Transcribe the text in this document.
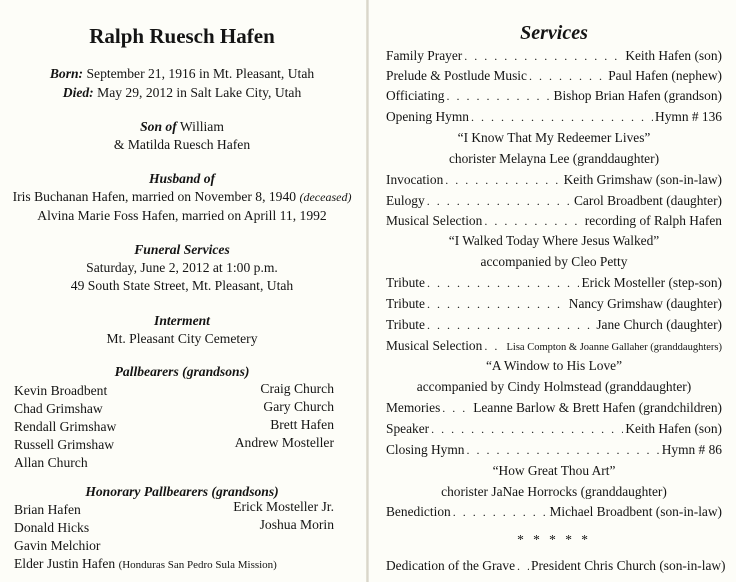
Ralph Ruesch Hafen
Born: September 21, 1916 in Mt. Pleasant, Utah
Died: May 29, 2012 in Salt Lake City, Utah
Son of William
& Matilda Ruesch Hafen
Husband of
Iris Buchanan Hafen, married on November 8, 1940 (deceased)
Alvina Marie Foss Hafen, married on Aprill 11, 1992
Funeral Services
Saturday, June 2, 2012 at 1:00 p.m.
49 South State Street, Mt. Pleasant, Utah
Interment
Mt. Pleasant City Cemetery
Pallbearers (grandsons)
Kevin Broadbent
Chad Grimshaw
Rendall Grimshaw
Russell Grimshaw
Allan Church
Craig Church
Gary Church
Brett Hafen
Andrew Mosteller
Honorary Pallbearers (grandsons)
Brian Hafen
Donald Hicks
Gavin Melchior
Erick Mosteller Jr.
Joshua Morin
Elder Justin Hafen (Honduras San Pedro Sula Mission)
Services
Family Prayer . . .	Keith Hafen (son)
Prelude & Postlude Music . . .	Paul Hafen (nephew)
Officiating . . .	Bishop Brian Hafen (grandson)
Opening Hymn . . .	Hymn # 136
“I Know That My Redeemer Lives”
chorister Melayna Lee (granddaughter)
Invocation . . .	Keith Grimshaw (son-in-law)
Eulogy . . .	Carol Broadbent (daughter)
Musical Selection . . .	recording of Ralph Hafen
“I Walked Today Where Jesus Walked”
accompanied by Cleo Petty
Tribute . . .	Erick Mosteller (step-son)
Tribute . . .	Nancy Grimshaw (daughter)
Tribute . . .	Jane Church (daughter)
Musical Selection . . . Lisa Compton & Joanne Gallaher (granddaughters)
“A Window to His Love”
accompanied by Cindy Holmstead (granddaughter)
Memories . . . Leanne Barlow & Brett Hafen (grandchildren)
Speaker . . .	Keith Hafen (son)
Closing Hymn . . .	Hymn # 86
“How Great Thou Art”
chorister JaNae Horrocks (granddaughter)
Benediction . . .	Michael Broadbent (son-in-law)
* * * * *
Dedication of the Grave . . . President Chris Church (son-in-law)
